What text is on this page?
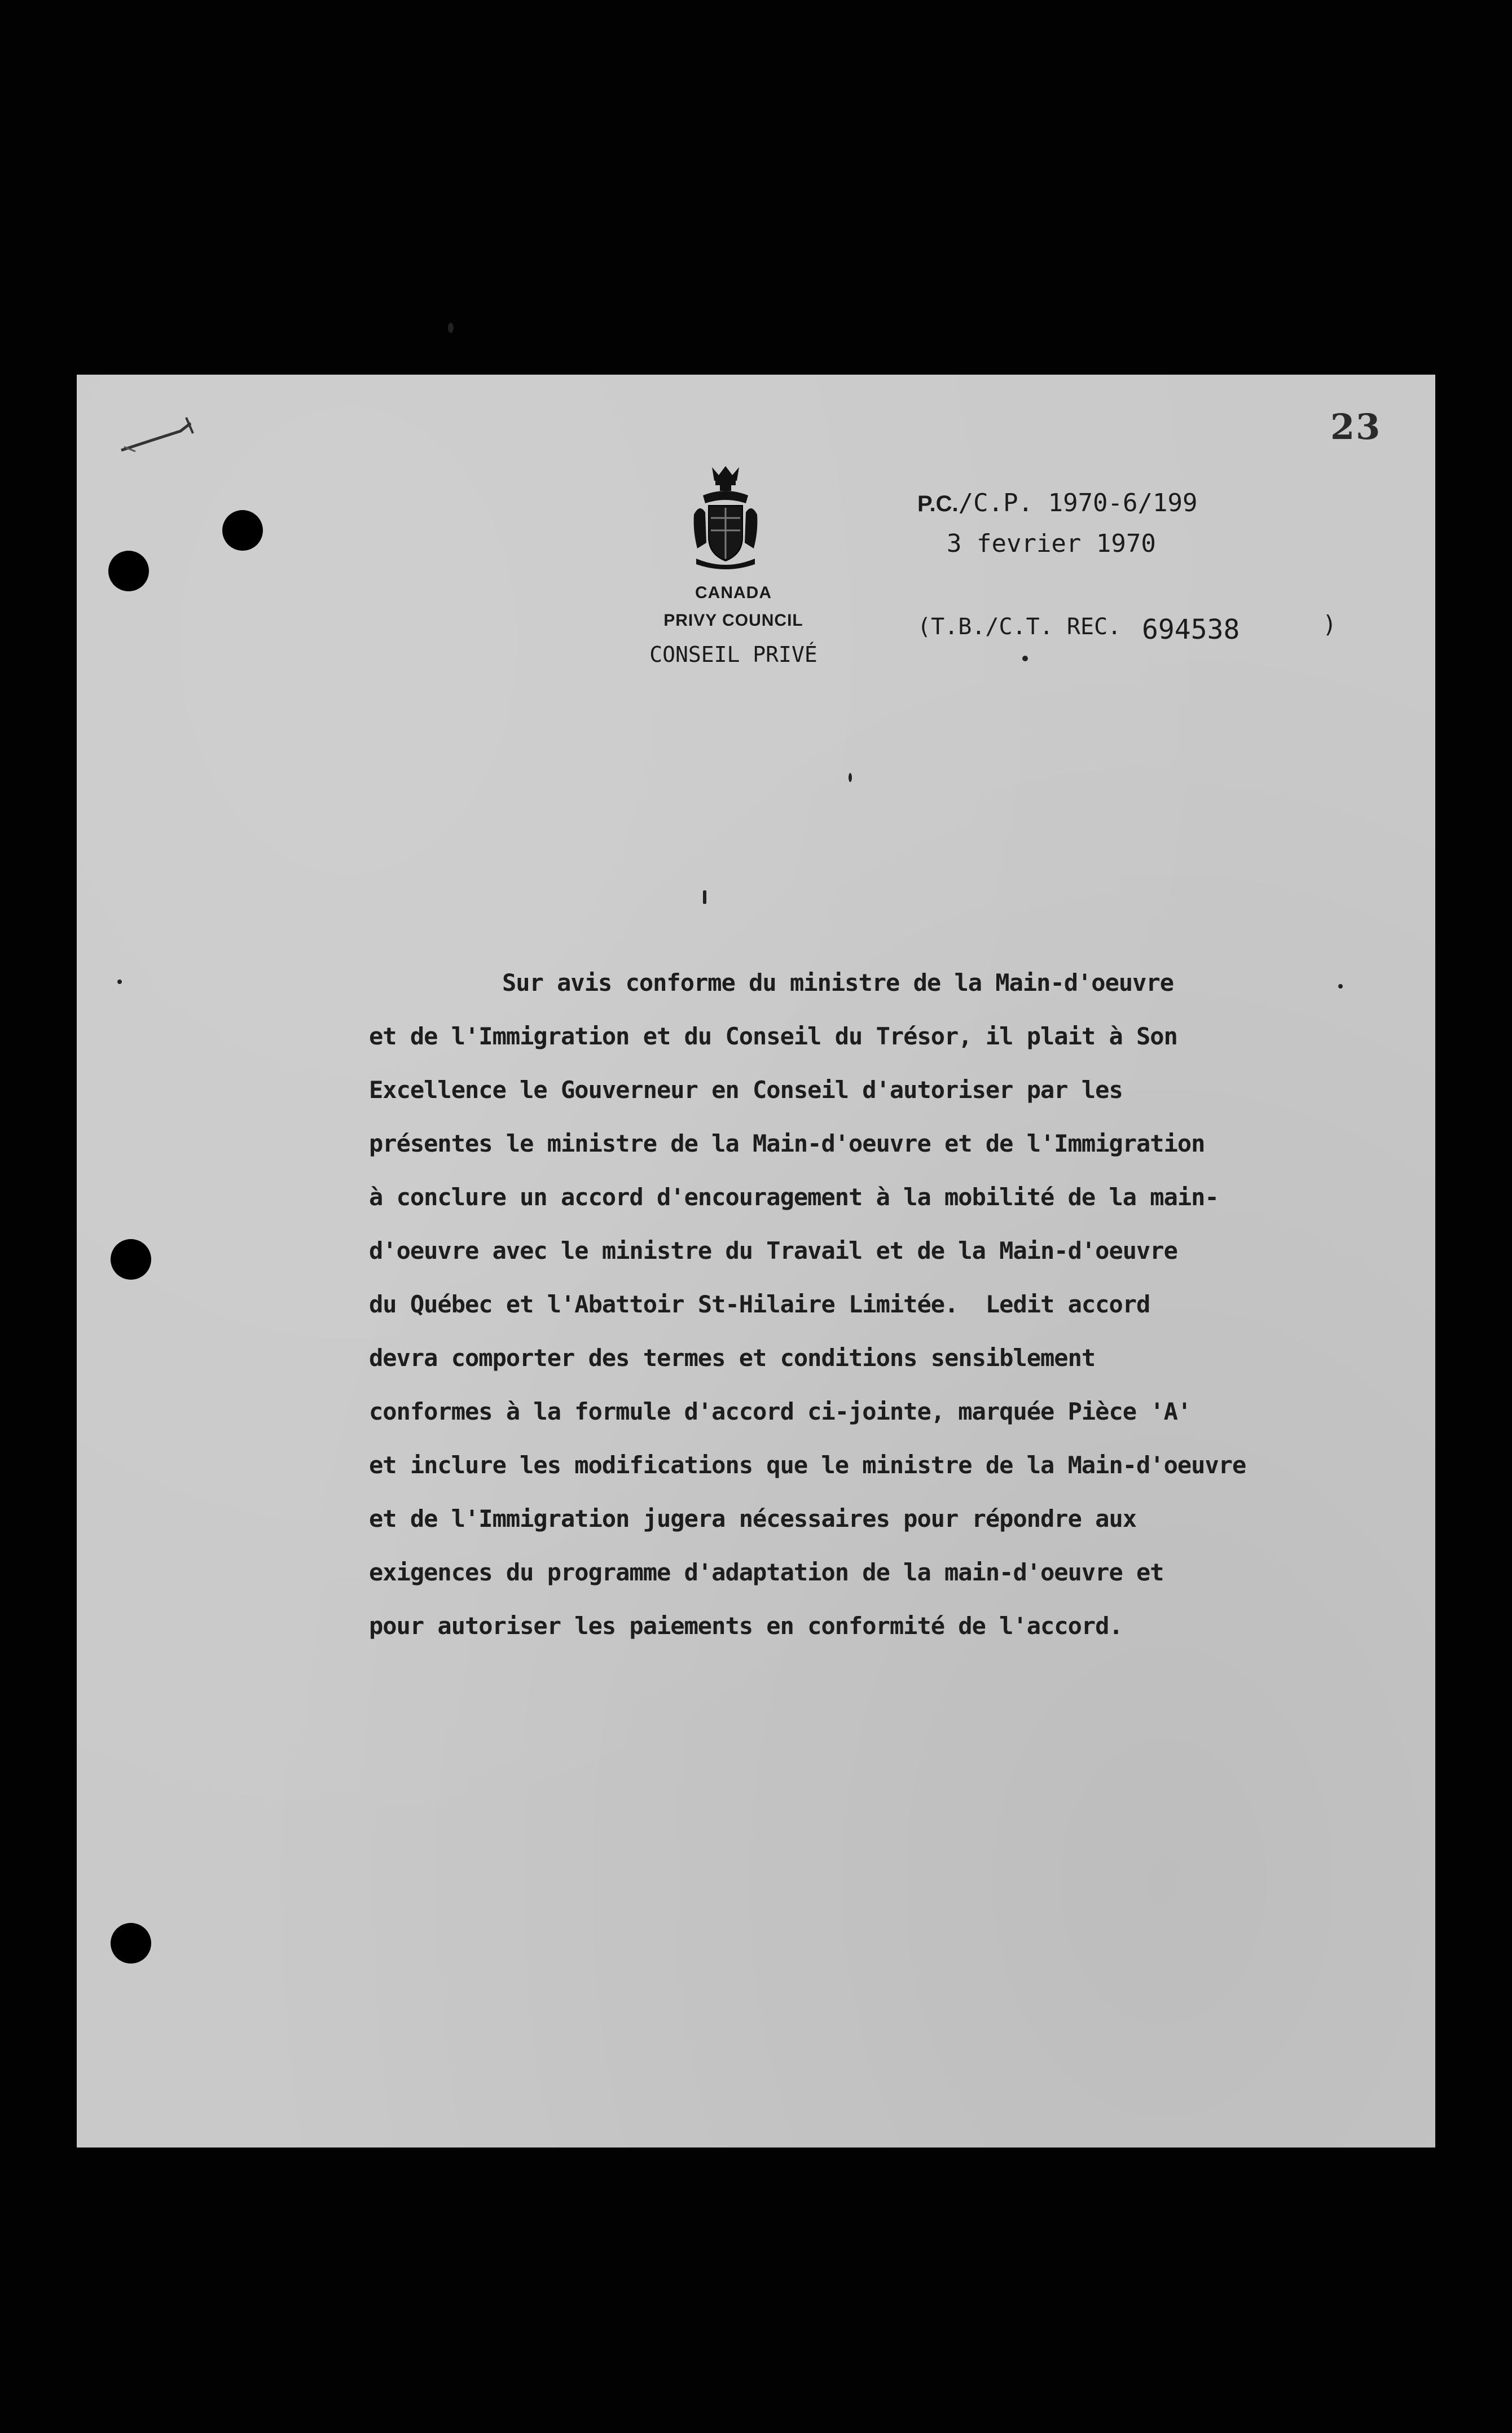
23
CANADA
PRIVY COUNCIL
CONSEIL PRIVÉ
P.C./C.P. 1970-6/199
3 fevrier 1970
(T.B./C.T. REC. 694538	)
Sur avis conforme du ministre de la Main-d'oeuvre
et de l'Immigration et du Conseil du Trésor, il plait à Son
Excellence le Gouverneur en Conseil d'autoriser par les
présentes le ministre de la Main-d'oeuvre et de l'Immigration
à conclure un accord d'encouragement à la mobilité de la main-
d'oeuvre avec le ministre du Travail et de la Main-d'oeuvre
du Québec et l'Abattoir St-Hilaire Limitée.  Ledit accord
devra comporter des termes et conditions sensiblement
conformes à la formule d'accord ci-jointe, marquée Pièce 'A'
et inclure les modifications que le ministre de la Main-d'oeuvre
et de l'Immigration jugera nécessaires pour répondre aux
exigences du programme d'adaptation de la main-d'oeuvre et
pour autoriser les paiements en conformité de l'accord.
